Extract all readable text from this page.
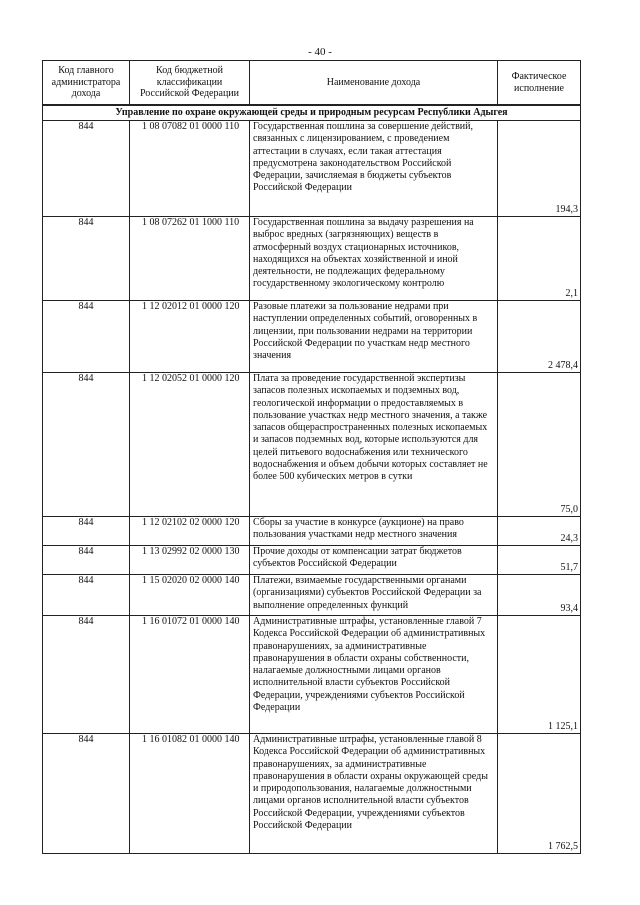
- 40 -
Код главного администратора дохода	Код бюджетной классификации Российской Федерации	Наименование дохода	Фактическое исполнение
Управление по охране окружающей среды и природным ресурсам Республики Адыгея			
844	1 08 07082 01 0000 110	Государственная пошлина за совершение действий, связанных с лицензированием, с проведением аттестации в случаях, если такая аттестация предусмотрена законодательством Российской Федерации, зачисляемая в бюджеты субъектов Российской Федерации	194,3
844	1 08 07262 01 1000 110	Государственная пошлина за выдачу разрешения на выброс вредных (загрязняющих) веществ в атмосферный воздух стационарных источников, находящихся на объектах хозяйственной и иной деятельности, не подлежащих федеральному государственному экологическому контролю	2,1
844	1 12 02012 01 0000 120	Разовые платежи за пользование недрами при наступлении определенных событий, оговоренных в лицензии, при пользовании недрами на территории Российской Федерации по участкам недр местного значения	2 478,4
844	1 12 02052 01 0000 120	Плата за проведение государственной экспертизы запасов полезных ископаемых и подземных вод, геологической информации о предоставляемых в пользование участках недр местного значения, а также запасов общераспространенных полезных ископаемых и запасов подземных вод, которые используются для целей питьевого водоснабжения или технического водоснабжения и объем добычи которых составляет не более 500 кубических метров в сутки	75,0
844	1 12 02102 02 0000 120	Сборы за участие в конкурсе (аукционе) на право пользования участками недр местного значения	24,3
844	1 13 02992 02 0000 130	Прочие доходы от компенсации затрат бюджетов субъектов Российской Федерации	51,7
844	1 15 02020 02 0000 140	Платежи, взимаемые государственными органами (организациями) субъектов Российской Федерации за выполнение определенных функций	93,4
844	1 16 01072 01 0000 140	Административные штрафы, установленные главой 7 Кодекса Российской Федерации об административных правонарушениях, за административные правонарушения в области охраны собственности, налагаемые должностными лицами органов исполнительной власти субъектов Российской Федерации, учреждениями субъектов Российской Федерации	1 125,1
844	1 16 01082 01 0000 140	Административные штрафы, установленные главой 8 Кодекса Российской Федерации об административных правонарушениях, за административные правонарушения в области охраны окружающей среды и природопользования, налагаемые должностными лицами органов исполнительной власти субъектов Российской Федерации, учреждениями субъектов Российской Федерации	1 762,5
